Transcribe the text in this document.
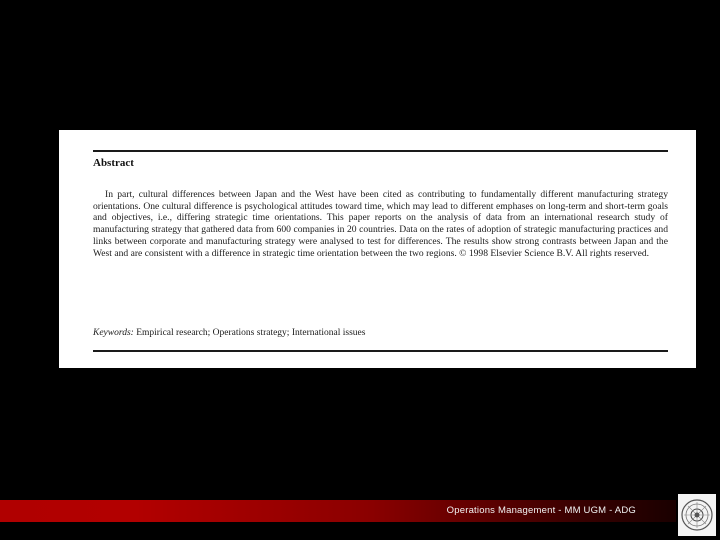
Abstract

In part, cultural differences between Japan and the West have been cited as contributing to fundamentally different manufacturing strategy orientations. One cultural difference is psychological attitudes toward time, which may lead to different emphases on long-term and short-term goals and objectives, i.e., differing strategic time orientations. This paper reports on the analysis of data from an international research study of manufacturing strategy that gathered data from 600 companies in 20 countries. Data on the rates of adoption of strategic manufacturing practices and links between corporate and manufacturing strategy were analysed to test for differences. The results show strong contrasts between Japan and the West and are consistent with a difference in strategic time orientation between the two regions. © 1998 Elsevier Science B.V. All rights reserved.

Keywords: Empirical research; Operations strategy; International issues
Operations Management - MM UGM - ADG
